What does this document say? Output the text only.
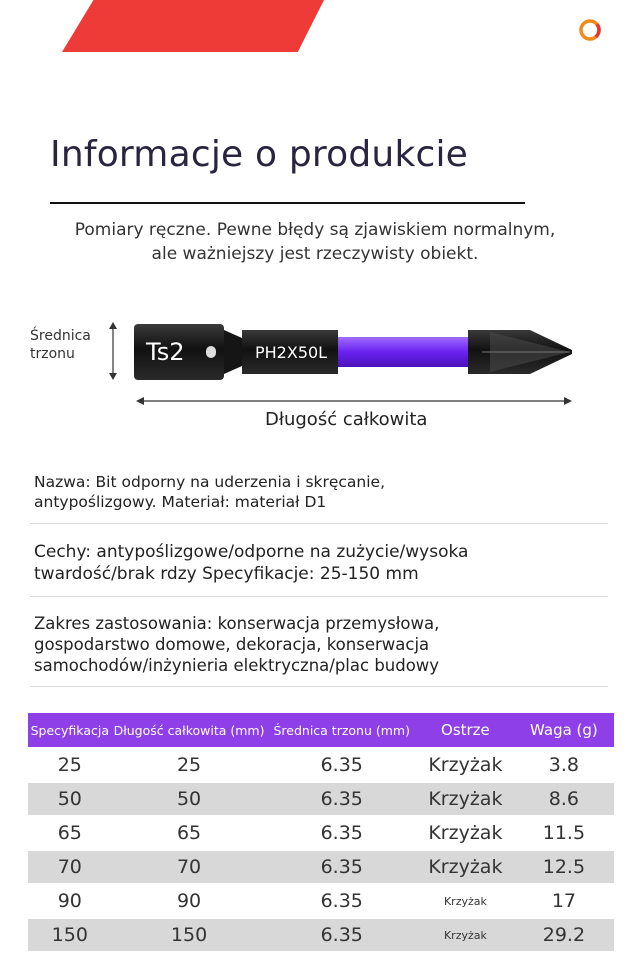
Informacje o produkcie
Pomiary ręczne. Pewne błędy są zjawiskiem normalnym, ale ważniejszy jest rzeczywisty obiekt.
Średnica
trzonu	Ts2	PH2X50L
Długość całkowita
Nazwa: Bit odporny na uderzenia i skręcanie,
antypoślizgowy. Materiał: materiał D1
Cechy: antypoślizgowe/odporne na zużycie/wysoka
twardość/brak rdzy Specyfikacje: 25-150 mm
Zakres zastosowania: konserwacja przemysłowa,
gospodarstwo domowe, dekoracja, konserwacja
samochodów/inżynieria elektryczna/plac budowy
Specyfikacja	Długość całkowita (mm)	Średnica trzonu (mm)	Ostrze	Waga (g)
25	25	6.35	Krzyżak	3.8
50	50	6.35	Krzyżak	8.6
65	65	6.35	Krzyżak	11.5
70	70	6.35	Krzyżak	12.5
90	90	6.35	Krzyżak	17
150	150	6.35	Krzyżak	29.2
